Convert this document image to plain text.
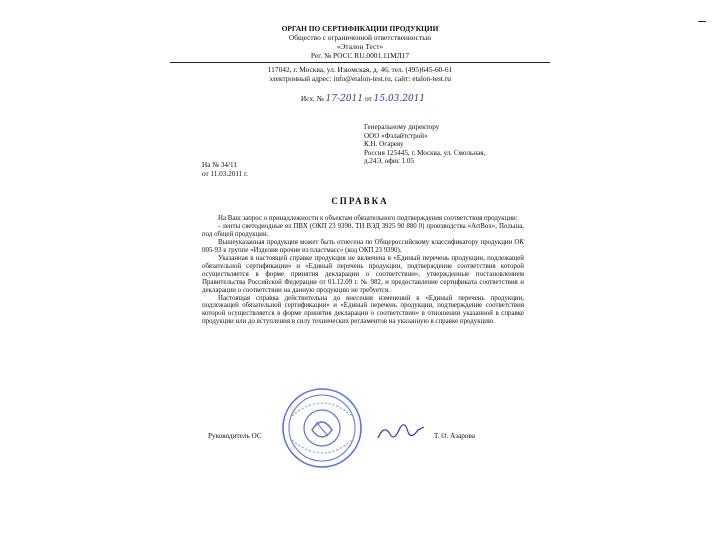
–
ОРГАН ПО СЕРТИФИКАЦИИ ПРОДУКЦИИ
Общество с ограниченной ответственностью
«Эталон Тест»
Рег. № РОСС RU.0001.11МЛ17
117042, г. Москва, ул. Изюмская, д. 46, тел. (495)645-60-61
электронный адрес: info@etalon-test.ru, сайт: etalon-test.ru
Исх. № 17-2011 от 15.03.2011
Генеральному директору
ООО «Фэлайтстрой»
К.Н. Огареву
Россия 125445, г. Москва, ул. Смольная,
д.24Э, офис 1.05
На № 34/11
от 11.03.2011 г.
СПРАВКА

На Ваш запрос о принадлежности к объектам обязательного подтверждения соответствия продукции:

- ленты светодиодные из ПВХ (ОКП 23 9390, ТН ВЭД 3925 90 800 0) производства «ArtBox», Польша, под общей продукции.

Вышеуказанная продукция может быть отнесена по Общероссийскому классификатору продукции ОК 005-93 к группе «Изделия прочие из пластмасс» (код ОКП 23 9390).

Указанная в настоящей справке продукция не включена в «Единый перечень продукции, подлежащей обязательной сертификации» и «Единый перечень продукции, подтверждение соответствия которой осуществляется в форме принятия декларации о соответствии», утвержденные постановлением Правительства Российской Федерации от 01.12.09 г. № 982, и предоставление сертификата соответствия и декларации о соответствии на данную продукцию не требуется.

Настоящая справка действительна до внесения изменений в «Единый перечень продукции, подлежащей обязательной сертификации» и «Единый перечень продукции, подтверждение соответствия которой осуществляется в форме принятия декларации о соответствии» в отношении указанной в справке продукции или до вступления в силу технических регламентов на указанную в справке продукцию.

Руководитель ОС	Т. О. Азарова
